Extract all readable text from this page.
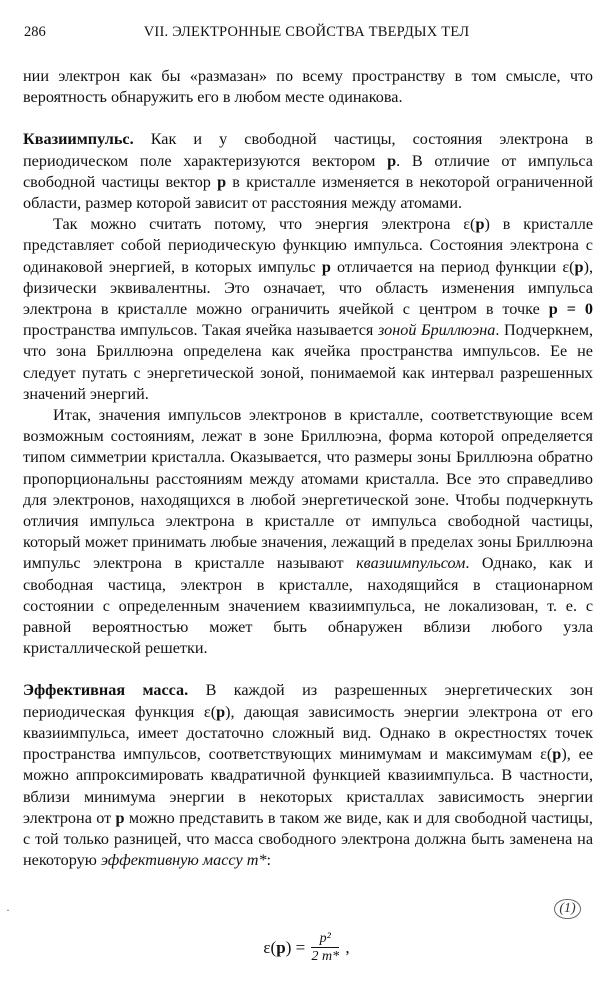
286	VII. ЭЛЕКТРОННЫЕ СВОЙСТВА ТВЕРДЫХ ТЕЛ

нии электрон как бы «размазан» по всему пространству в том смысле, что вероятность обнаружить его в любом месте одинакова.

Квазиимпульс. Как и у свободной частицы, состояния электрона в периодическом поле характеризуются вектором p. В отличие от импульса свободной частицы вектор p в кристалле изменяется в некоторой ограниченной области, размер которой зависит от расстояния между атомами.

Так можно считать потому, что энергия электрона ε(p) в кристалле представляет собой периодическую функцию импульса. Состояния электрона с одинаковой энергией, в которых импульс p отличается на период функции ε(p), физически эквивалентны. Это означает, что область изменения импульса электрона в кристалле можно ограничить ячейкой с центром в точке p = 0 пространства импульсов. Такая ячейка называется зоной Бриллюэна. Подчеркнем, что зона Бриллюэна определена как ячейка пространства импульсов. Ее не следует путать с энергетической зоной, понимаемой как интервал разрешенных значений энергий.

Итак, значения импульсов электронов в кристалле, соответствующие всем возможным состояниям, лежат в зоне Бриллюэна, форма которой определяется типом симметрии кристалла. Оказывается, что размеры зоны Бриллюэна обратно пропорциональны расстояниям между атомами кристалла. Все это справедливо для электронов, находящихся в любой энергетической зоне. Чтобы подчеркнуть отличия импульса электрона в кристалле от импульса свободной частицы, который может принимать любые значения, лежащий в пределах зоны Бриллюэна импульс электрона в кристалле называют квазиимпульсом. Однако, как и свободная частица, электрон в кристалле, находящийся в стационарном состоянии с определенным значением квазиимпульса, не локализован, т. е. с равной вероятностью может быть обнаружен вблизи любого узла кристаллической решетки.

Эффективная масса. В каждой из разрешенных энергетических зон периодическая функция ε(p), дающая зависимость энергии электрона от его квазиимпульса, имеет достаточно сложный вид. Однако в окрестностях точек пространства импульсов, соответствующих минимумам и максимумам ε(p), ее можно аппроксимировать квадратичной функцией квазиимпульса. В частности, вблизи минимума энергии в некоторых кристаллах зависимость энергии электрона от p можно представить в таком же виде, как и для свободной частицы, с той только разницей, что масса свободного электрона должна быть заменена на некоторую эффективную массу m*:

·	(1)
$\varepsilon(p) = \frac{\text{p²}}{2 m*}$ ,
